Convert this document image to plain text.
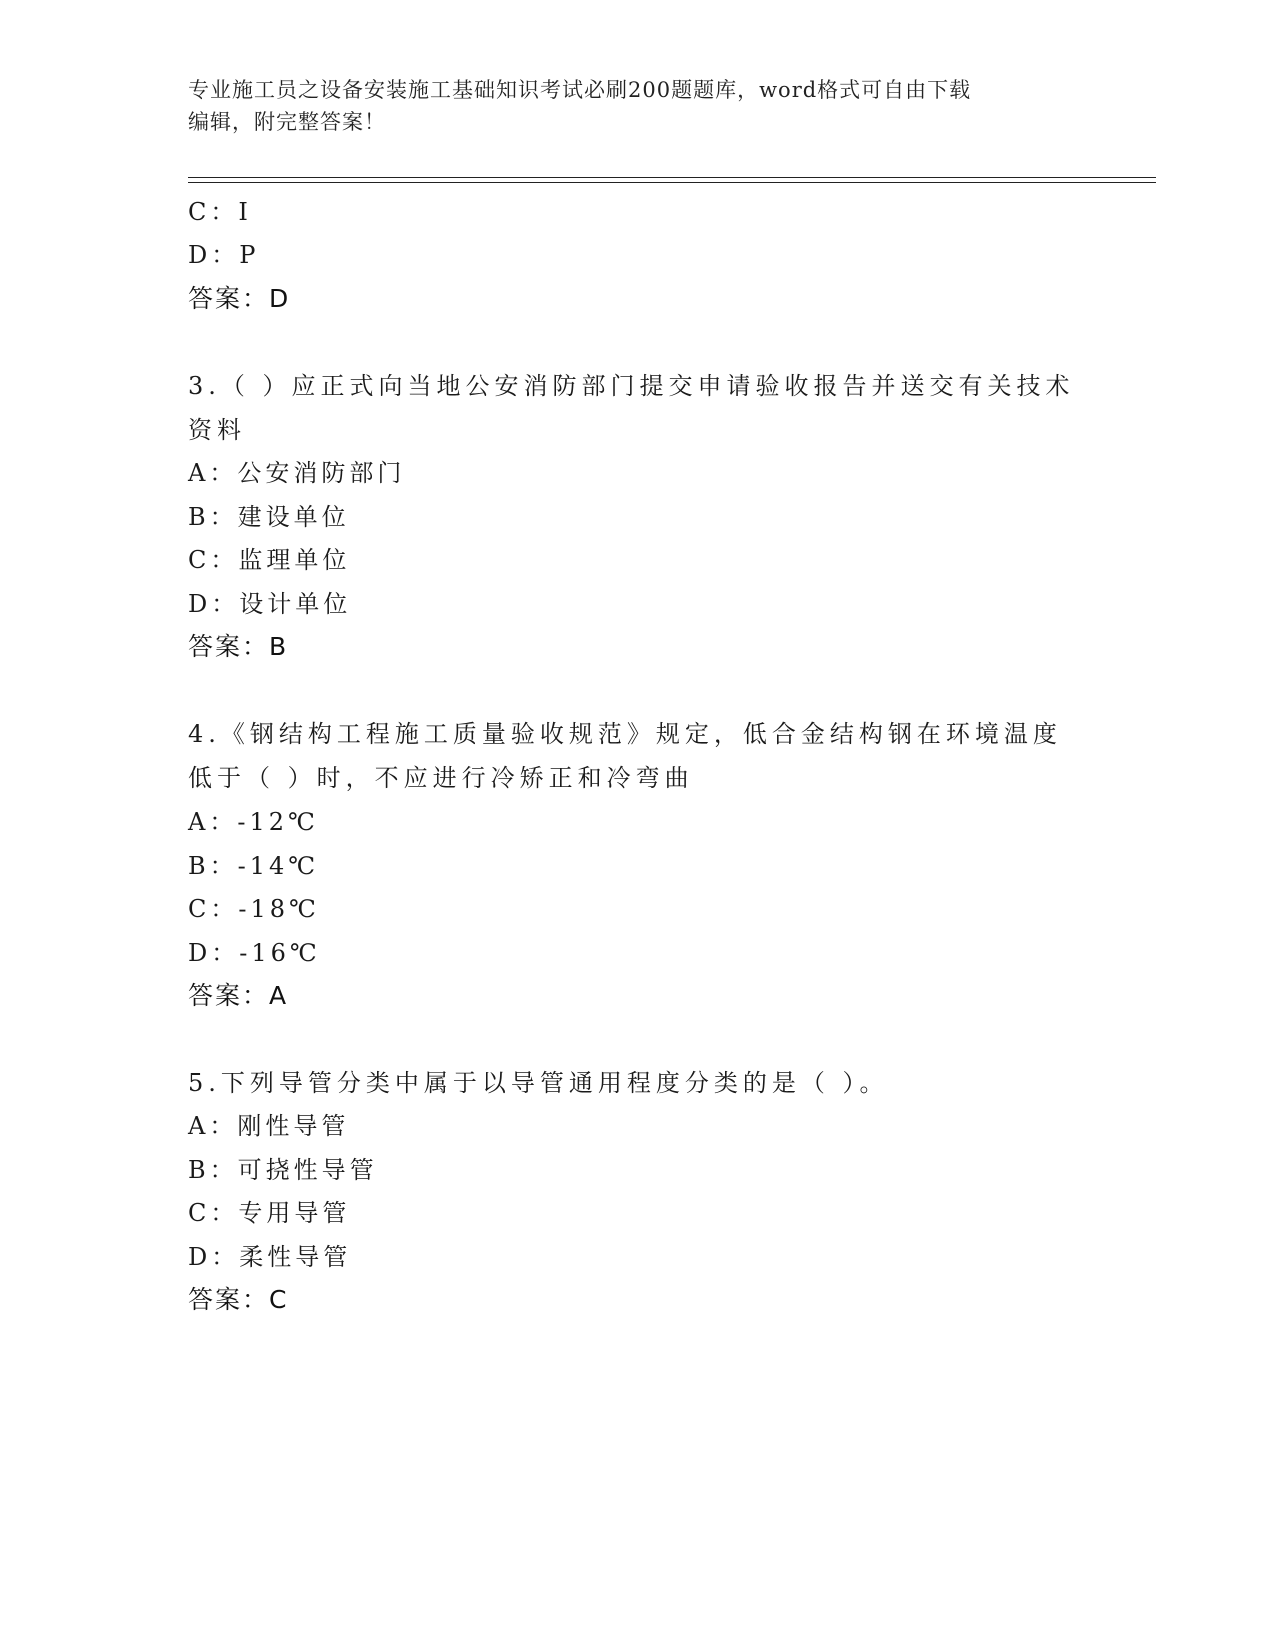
专业施工员之设备安装施工基础知识考试必刷200题题库，word格式可自由下载
编辑，附完整答案！
C：I
D：P
答案：D
3.（ ）应正式向当地公安消防部门提交申请验收报告并送交有关技术
资料
A：公安消防部门
B：建设单位
C：监理单位
D：设计单位
答案：B
4.《钢结构工程施工质量验收规范》规定，低合金结构钢在环境温度
低于（ ）时，不应进行冷矫正和冷弯曲
A：-12℃
B：-14℃
C：-18℃
D：-16℃
答案：A
5.下列导管分类中属于以导管通用程度分类的是（ ）。
A：刚性导管
B：可挠性导管
C：专用导管
D：柔性导管
答案：C
